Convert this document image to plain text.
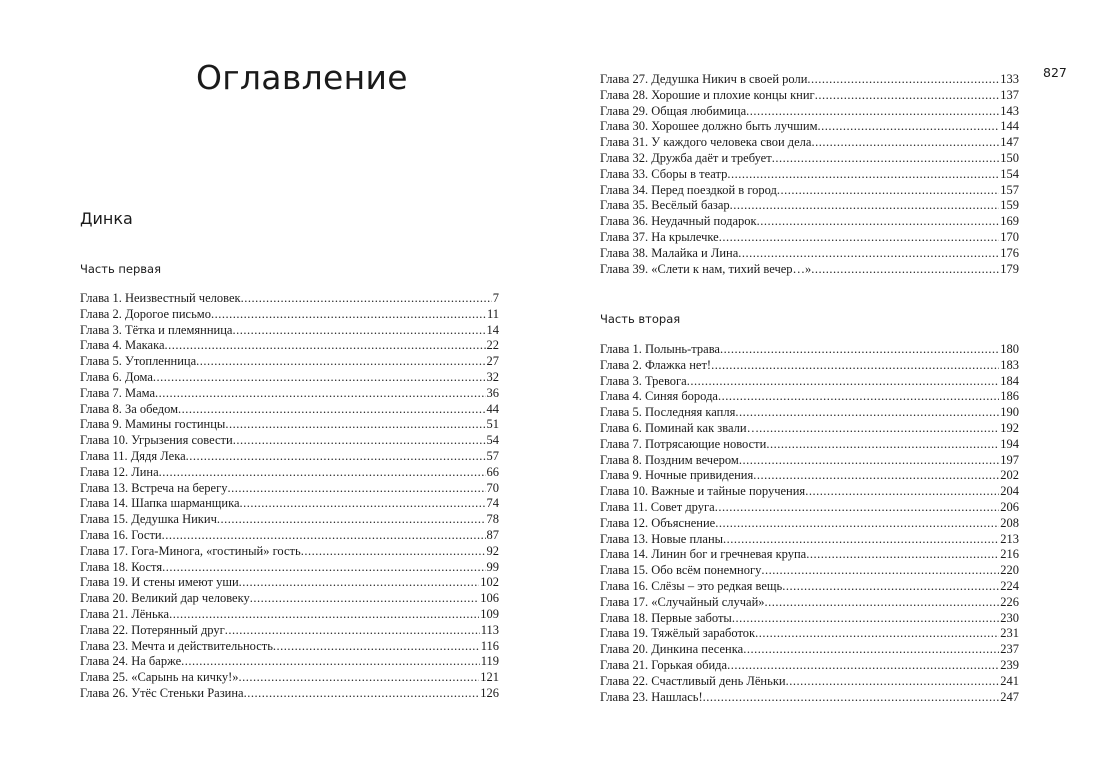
Оглавление	827
Динка
Часть первая
Часть вторая
Глава 1. Неизвестный человек .....	7
Глава 2. Дорогое письмо .....	11
Глава 3. Тётка и племянница .....	14
Глава 4. Макака .....	22
Глава 5. Утопленница .....	27
Глава 6. Дома .....	32
Глава 7. Мама .....	36
Глава 8. За обедом .....	44
Глава 9. Мамины гостинцы .....	51
Глава 10. Угрызения совести .....	54
Глава 11. Дядя Лека .....	57
Глава 12. Лина .....	66
Глава 13. Встреча на берегу .....	70
Глава 14. Шапка шарманщика .....	74
Глава 15. Дедушка Никич .....	78
Глава 16. Гости .....	87
Глава 17. Гога-Минога, «гостиный» гость .....	92
Глава 18. Костя .....	99
Глава 19. И стены имеют уши .....	102
Глава 20. Великий дар человеку .....	106
Глава 21. Лёнька .....	109
Глава 22. Потерянный друг .....	113
Глава 23. Мечта и действительность .....	116
Глава 24. На барже .....	119
Глава 25. «Сарынь на кичку!» .....	121
Глава 26. Утёс Стеньки Разина .....	126
Глава 27. Дедушка Никич в своей роли .....	133
Глава 28. Хорошие и плохие концы книг .....	137
Глава 29. Общая любимица .....	143
Глава 30. Хорошее должно быть лучшим .....	144
Глава 31. У каждого человека свои дела .....	147
Глава 32. Дружба даёт и требует .....	150
Глава 33. Сборы в театр .....	154
Глава 34. Перед поездкой в город .....	157
Глава 35. Весёлый базар .....	159
Глава 36. Неудачный подарок .....	169
Глава 37. На крылечке .....	170
Глава 38. Малайка и Лина .....	176
Глава 39. «Слети к нам, тихий вечер…» .....	179
Глава 1. Полынь-трава .....	180
Глава 2. Флажка нет! .....	183
Глава 3. Тревога .....	184
Глава 4. Синяя борода .....	186
Глава 5. Последняя капля .....	190
Глава 6. Поминай как звали… .....	192
Глава 7. Потрясающие новости .....	194
Глава 8. Поздним вечером .....	197
Глава 9. Ночные привидения .....	202
Глава 10. Важные и тайные поручения .....	204
Глава 11. Совет друга .....	206
Глава 12. Объяснение .....	208
Глава 13. Новые планы .....	213
Глава 14. Линин бог и гречневая крупа .....	216
Глава 15. Обо всём понемногу .....	220
Глава 16. Слёзы – это редкая вещь .....	224
Глава 17. «Случайный случай» .....	226
Глава 18. Первые заботы .....	230
Глава 19. Тяжёлый заработок .....	231
Глава 20. Динкина песенка .....	237
Глава 21. Горькая обида .....	239
Глава 22. Счастливый день Лёньки .....	241
Глава 23. Нашлась! .....	247
